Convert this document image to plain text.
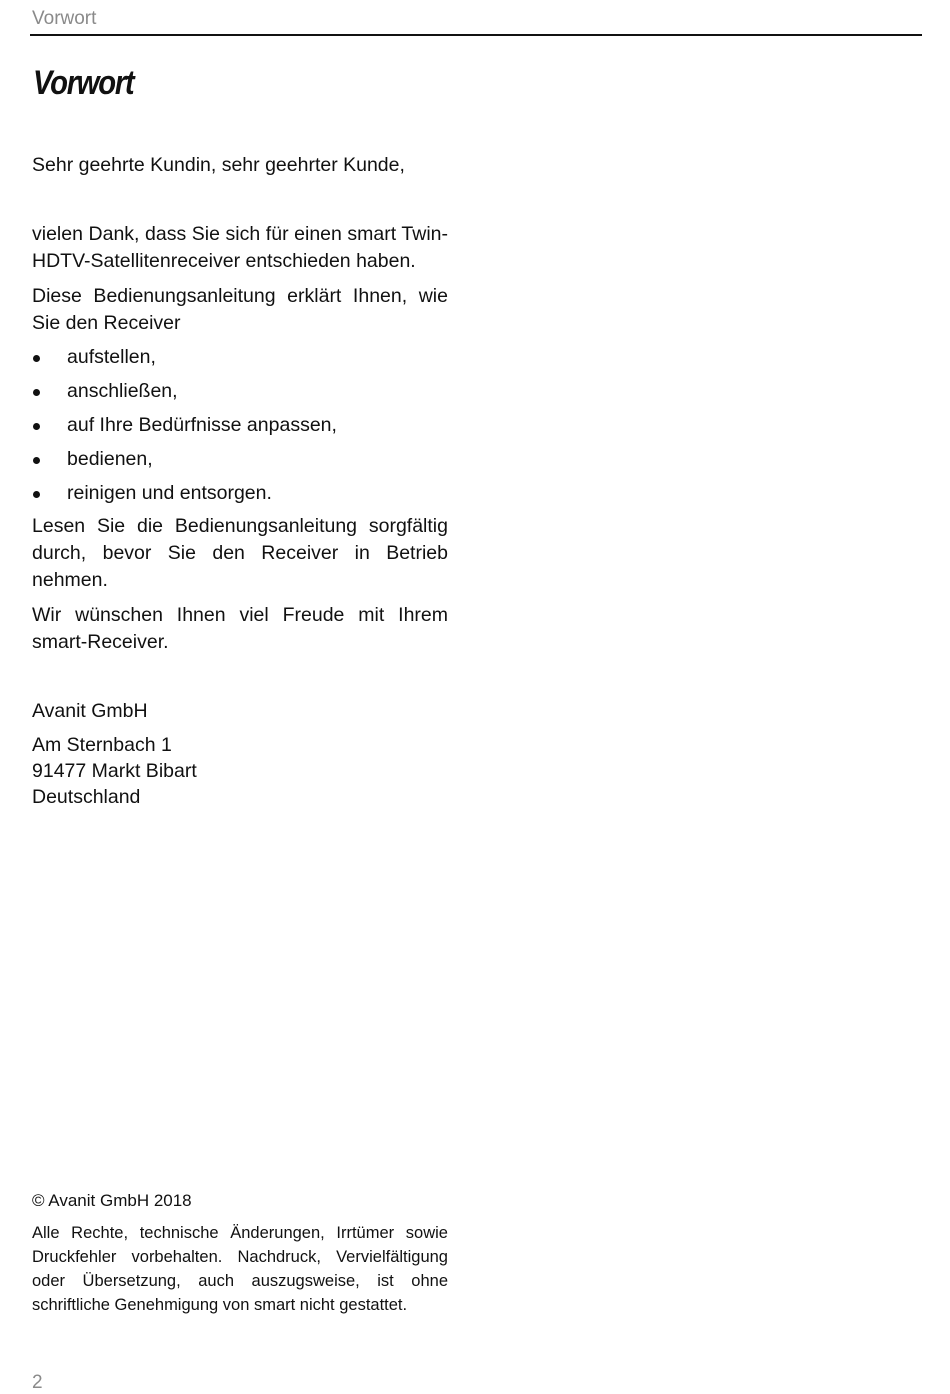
Vorwort
Vorwort

Sehr geehrte Kundin, sehr geehrter Kunde,

vielen Dank, dass Sie sich für einen smart Twin-HDTV-Satellitenreceiver entschieden haben.

Diese Bedienungsanleitung erklärt Ihnen, wie Sie den Receiver

aufstellen,
anschließen,
auf Ihre Bedürfnisse anpassen,
bedienen,
reinigen und entsorgen.

Lesen Sie die Bedienungsanleitung sorgfältig durch, bevor Sie den Receiver in Betrieb nehmen.

Wir wünschen Ihnen viel Freude mit Ihrem smart-Receiver.

Avanit GmbH

Am Sternbach 1
91477 Markt Bibart
Deutschland

© Avanit GmbH 2018

Alle Rechte, technische Änderungen, Irrtümer sowie Druckfehler vorbehalten. Nachdruck, Vervielfältigung oder Übersetzung, auch auszugsweise, ist ohne schriftliche Genehmigung von smart nicht gestattet.

2
